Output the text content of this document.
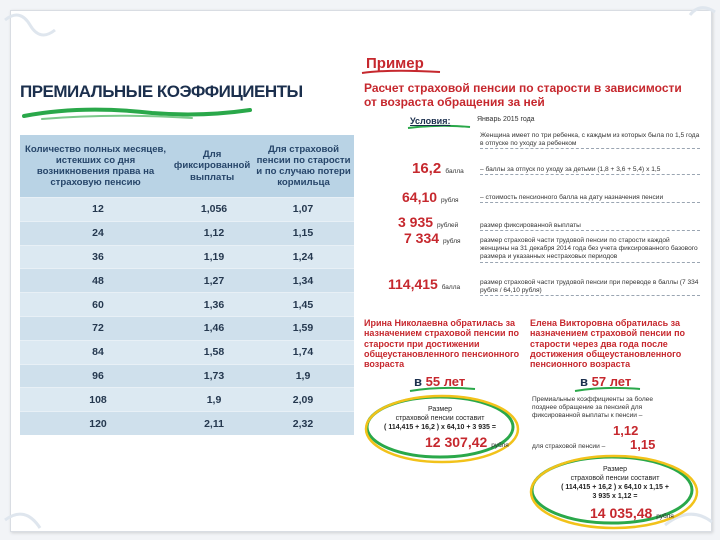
ПРЕМИАЛЬНЫЕ КОЭФФИЦИЕНТЫ
Количество полных месяцев, истекших со дня возникновения права на страховую пенсию
Для фиксированной выплаты
Для страховой пенсии по старости и по случаю потери кормильца
12	1,056	1,07
24	1,12	1,15
36	1,19	1,24
48	1,27	1,34
60	1,36	1,45
72	1,46	1,59
84	1,58	1,74
96	1,73	1,9
108	1,9	2,09
120	2,11	2,32
Пример
Расчет страховой пенсии по старости в зависимости от возраста обращения за ней
Условия:	Январь 2015 года
Женщина имеет по три ребенка, с каждым из которых была по 1,5 года в отпуске по уходу за ребенком
16,2 балла – баллы за отпуск по уходу за детьми (1,8 + 3,6 + 5,4) х 1,5
64,10 рубля	– стоимость пенсионного балла на дату назначения пенсии
3 935 рублей	размер фиксированной выплаты
7 334 рубля	размер страховой части трудовой пенсии по старости каждой женщины на 31 декабря 2014 года без учета фиксированного базового размера и указанных нестраховых периодов
114,415 балла
размер страховой части трудовой пенсии при переводе в баллы (7 334 рубля / 64,10 рубля)
Ирина Николаевна обратилась за назначением страховой пенсии по старости при достижении общеустановленного пенсионного возраста
Елена Викторовна обратилась за назначением страховой пенсии по старости через два года после достижения общеустановленного пенсионного возраста
в 55 лет	в 57 лет
Размер
страховой пенсии составит
( 114,415 + 16,2 ) х 64,10 + 3 935 =
12 307,42 рубля
Премиальные коэффициенты за более позднее обращение за пенсией для фиксированной выплаты к пенсии –
1,12
для страховой пенсии –	1,15
Размер
страховой пенсии составит
( 114,415 + 16,2 ) х 64,10 х 1,15 +
3 935 х 1,12 =
14 035,48 рубля
